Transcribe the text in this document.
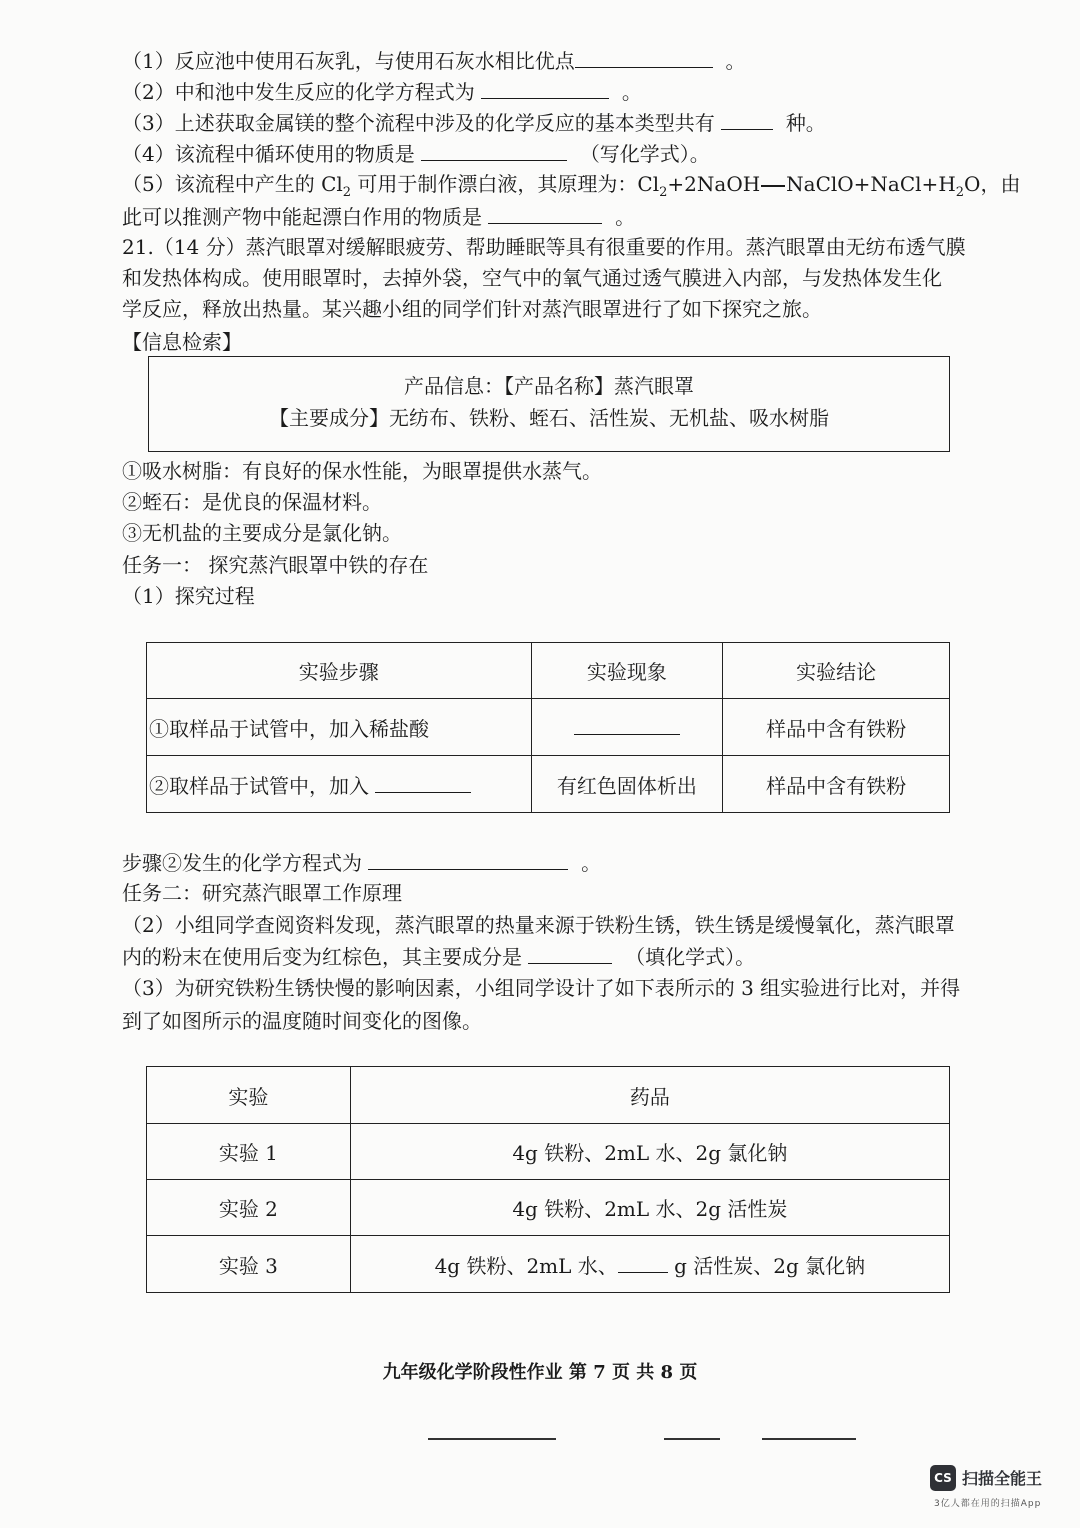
（1）反应池中使用石灰乳，与使用石灰水相比优点	。
（2）中和池中发生反应的化学方程式为	。
（3）上述获取金属镁的整个流程中涉及的化学反应的基本类型共有	种。
（4）该流程中循环使用的物质是	（写化学式）。
（5）该流程中产生的 $Cl_2$ 可用于制作漂白液，其原理为：$Cl_2+2NaOH$ $NaClO+NaCl+H_2O$，由
此可以推测产物中能起漂白作用的物质是	。
21.（14 分）蒸汽眼罩对缓解眼疲劳、帮助睡眠等具有很重要的作用。蒸汽眼罩由无纺布透气膜
和发热体构成。使用眼罩时，去掉外袋，空气中的氧气通过透气膜进入内部，与发热体发生化
学反应，释放出热量。某兴趣小组的同学们针对蒸汽眼罩进行了如下探究之旅。
【信息检索】
产品信息：【产品名称】蒸汽眼罩
【主要成分】无纺布、铁粉、蛭石、活性炭、无机盐、吸水树脂
①吸水树脂：有良好的保水性能，为眼罩提供水蒸气。
②蛭石：是优良的保温材料。
③无机盐的主要成分是氯化钠。
任务一： 探究蒸汽眼罩中铁的存在
（1）探究过程
实验步骤	实验现象	实验结论
①取样品于试管中，加入稀盐酸		样品中含有铁粉
②取样品于试管中，加入	有红色固体析出	样品中含有铁粉
步骤②发生的化学方程式为	。
任务二：研究蒸汽眼罩工作原理
（2）小组同学查阅资料发现，蒸汽眼罩的热量来源于铁粉生锈，铁生锈是缓慢氧化，蒸汽眼罩
内的粉末在使用后变为红棕色，其主要成分是	（填化学式）。
（3）为研究铁粉生锈快慢的影响因素，小组同学设计了如下表所示的 3 组实验进行比对，并得
到了如图所示的温度随时间变化的图像。
实验	药品
实验 1	4g 铁粉、2mL 水、2g 氯化钠
实验 2	4g 铁粉、2mL 水、2g 活性炭
实验 3	4g 铁粉、2mL 水、 g 活性炭、2g 氯化钠
九年级化学阶段性作业 第 7 页 共 8 页
CS 扫描全能王
3亿人都在用的扫描App
